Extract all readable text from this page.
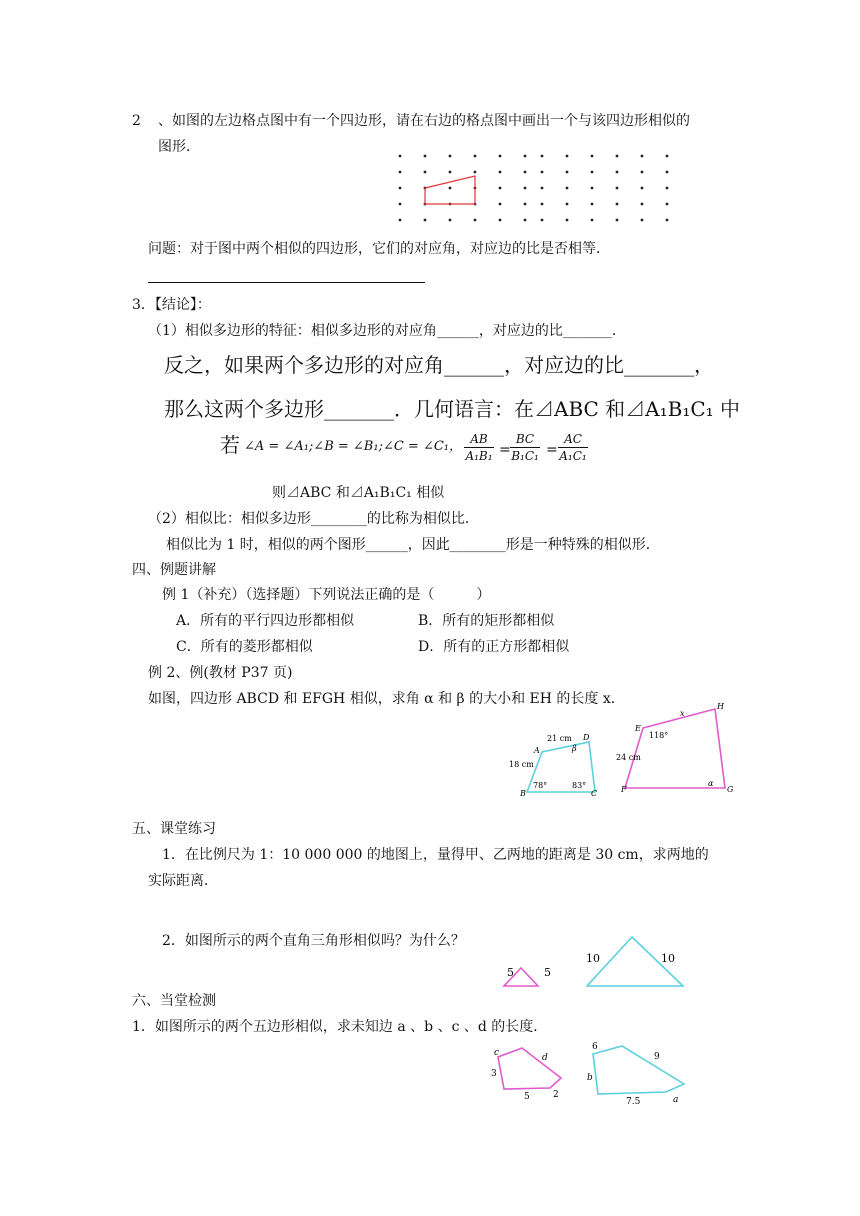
2 、如图的左边格点图中有一个四边形，请在右边的格点图中画出一个与该四边形相似的
图形．
问题：对于图中两个相似的四边形，它们的对应角，对应边的比是否相等．
3．【结论】：
（1）相似多边形的特征：相似多边形的对应角______，对应边的比_______．
反之，如果两个多边形的对应角______，对应边的比_______，
那么这两个多边形_______．几何语言：在⊿ABC 和⊿A₁B₁C₁ 中
若 ∠A = ∠A₁;∠B = ∠B₁;∠C = ∠C₁， AB
A₁B₁ =
BC
B₁C₁ =
AC
A₁C₁
则⊿ABC 和⊿A₁B₁C₁ 相似
（2）相似比：相似多边形________的比称为相似比．
相似比为 1 时，相似的两个图形______，因此________形是一种特殊的相似形．
四、例题讲解
例 1（补充）（选择题）下列说法正确的是（　　　）
A．所有的平行四边形都相似	B．所有的矩形都相似
C．所有的菱形都相似	D．所有的正方形都相似
例 2、例(教材 P37 页)
如图，四边形 ABCD 和 EFGH 相似，求角 α 和 β 的大小和 EH 的长度 x．
A
B	C
D
21 cm
18 cm
78°	83°
β
E
F	G
H
x
118°
24 cm
α
五、课堂练习
1．在比例尺为 1：10 000 000 的地图上，量得甲、乙两地的距离是 30 cm，求两地的
实际距离．
2．如图所示的两个直角三角形相似吗？为什么？
5	5
10	10
六、当堂检测
1．如图所示的两个五边形相似，求未知边 a 、b 、c 、d 的长度．
c	d
3
5	2
6
9
b
7.5	a
